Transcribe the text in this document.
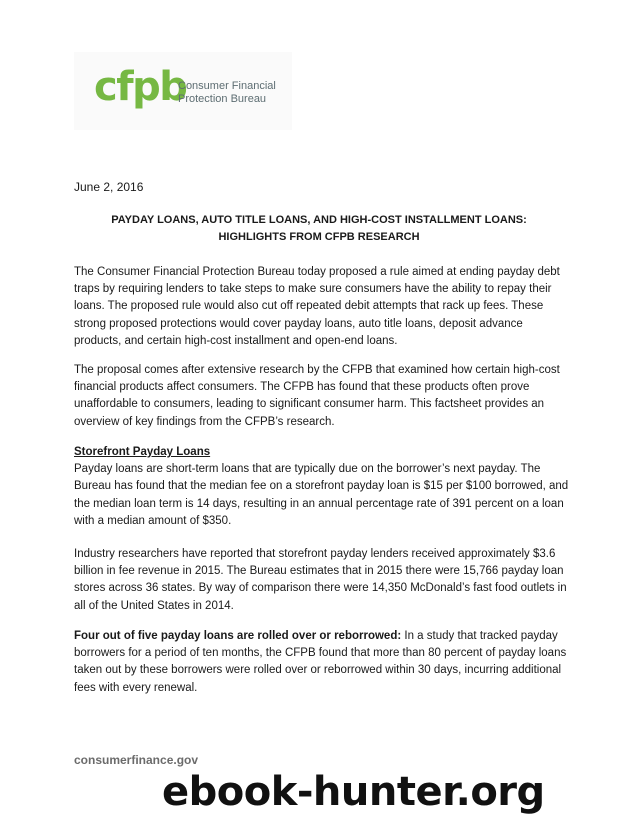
cfpb
Consumer Financial
Protection Bureau
June 2, 2016
PAYDAY LOANS, AUTO TITLE LOANS, AND HIGH-COST INSTALLMENT LOANS:
HIGHLIGHTS FROM CFPB RESEARCH
The Consumer Financial Protection Bureau today proposed a rule aimed at ending payday debt
traps by requiring lenders to take steps to make sure consumers have the ability to repay their
loans. The proposed rule would also cut off repeated debit attempts that rack up fees. These
strong proposed protections would cover payday loans, auto title loans, deposit advance
products, and certain high-cost installment and open-end loans.
The proposal comes after extensive research by the CFPB that examined how certain high-cost
financial products affect consumers. The CFPB has found that these products often prove
unaffordable to consumers, leading to significant consumer harm. This factsheet provides an
overview of key findings from the CFPB’s research.
Storefront Payday Loans
Payday loans are short-term loans that are typically due on the borrower’s next payday. The
Bureau has found that the median fee on a storefront payday loan is $15 per $100 borrowed, and
the median loan term is 14 days, resulting in an annual percentage rate of 391 percent on a loan
with a median amount of $350.
Industry researchers have reported that storefront payday lenders received approximately $3.6
billion in fee revenue in 2015. The Bureau estimates that in 2015 there were 15,766 payday loan
stores across 36 states. By way of comparison there were 14,350 McDonald’s fast food outlets in
all of the United States in 2014.
Four out of five payday loans are rolled over or reborrowed: In a study that tracked payday
borrowers for a period of ten months, the CFPB found that more than 80 percent of payday loans
taken out by these borrowers were rolled over or reborrowed within 30 days, incurring additional
fees with every renewal.
consumerfinance.gov
ebook-hunter.org
